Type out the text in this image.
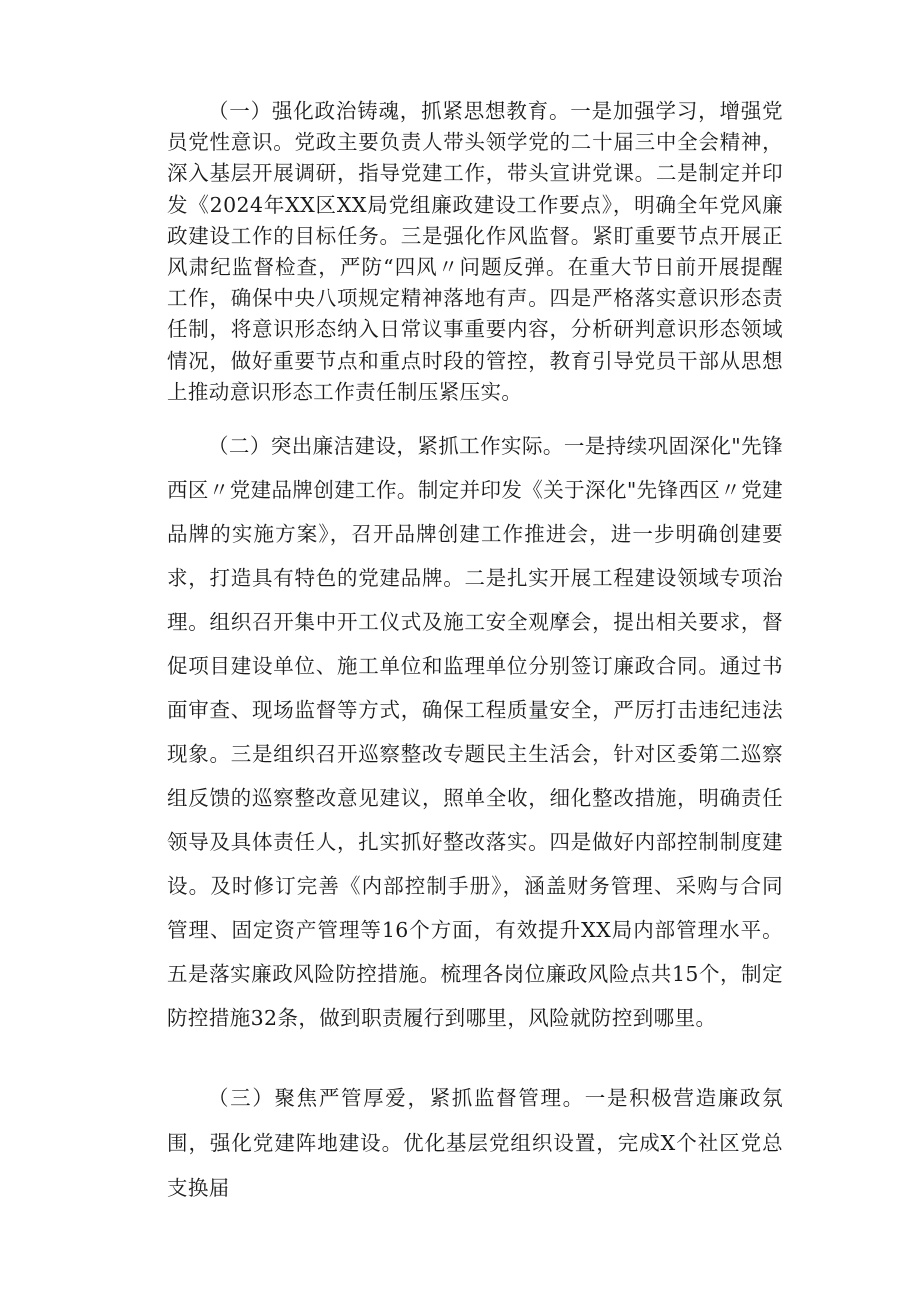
（一）强化政治铸魂，抓紧思想教育。一是加强学习，增强党员党性意识。党政主要负责人带头领学党的二十届三中全会精神，深入基层开展调研，指导党建工作，带头宣讲党课。二是制定并印发《2024年XX区XX局党组廉政建设工作要点》，明确全年党风廉政建设工作的目标任务。三是强化作风监督。紧盯重要节点开展正风肃纪监督检查，严防“四风〃问题反弹。在重大节日前开展提醒工作，确保中央八项规定精神落地有声。四是严格落实意识形态责任制，将意识形态纳入日常议事重要内容，分析研判意识形态领域情况，做好重要节点和重点时段的管控，教育引导党员干部从思想上推动意识形态工作责任制压紧压实。

（二）突出廉洁建设，紧抓工作实际。一是持续巩固深化"先锋西区〃党建品牌创建工作。制定并印发《关于深化"先锋西区〃党建品牌的实施方案》，召开品牌创建工作推进会，进一步明确创建要求，打造具有特色的党建品牌。二是扎实开展工程建设领域专项治理。组织召开集中开工仪式及施工安全观摩会，提出相关要求，督促项目建设单位、施工单位和监理单位分别签订廉政合同。通过书面审查、现场监督等方式，确保工程质量安全，严厉打击违纪违法现象。三是组织召开巡察整改专题民主生活会，针对区委第二巡察组反馈的巡察整改意见建议，照单全收，细化整改措施，明确责任领导及具体责任人，扎实抓好整改落实。四是做好内部控制制度建设。及时修订完善《内部控制手册》，涵盖财务管理、采购与合同管理、固定资产管理等16个方面，有效提升XX局内部管理水平。五是落实廉政风险防控措施。梳理各岗位廉政风险点共15个，制定防控措施32条，做到职责履行到哪里，风险就防控到哪里。

（三）聚焦严管厚爱，紧抓监督管理。一是积极营造廉政氛围，强化党建阵地建设。优化基层党组织设置，完成X个社区党总支换届
